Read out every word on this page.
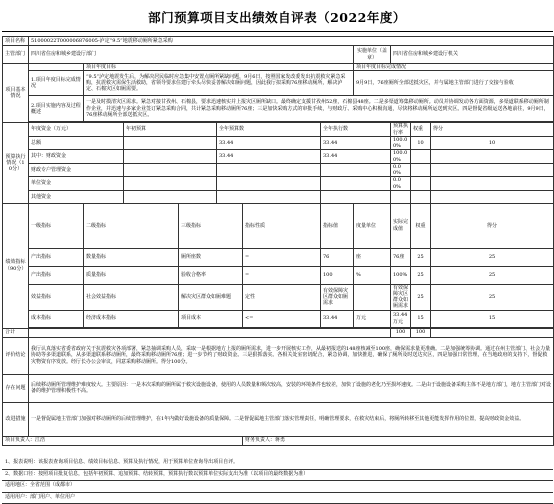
部门预算项目支出绩效自评表（2022年度）
项目名称	51000022T000006876005-泸定“9.5”地震移动厕所紧急采购											
主管部门	四川省住房和城乡建设厅部门							实施单位（盖章）	四川省住房和城乡建设厅机关			
项目基本情况		项目年度目标						项目年度目标完成情况				
	1.项目年度目标完成情况	“9.5”泸定地震发生后，为解决居民临时应急集中安置点厕所紧缺问题，9月6日，按照国家发改委发出抗震救灾紧急采购，抗震救灾需保生活救助，省领导要求住建厅牵头尽快妥善解决如厕问题，因此我厅拟采购76座移动厕所，解决泸定、石棉灾区如厕需要。						9月9日，76座厕所全部送抵灾区，并与属地主管部门进行了交接与验收				
	2.项目实施内容及过程概述	一是及时摸清灾区需求。紧急对接甘孜州、石棉县，要求迅速核实并上报灾区厕所缺口。最终确定支援甘孜州52座，石棉县48座。二是多渠道筹集移动厕所。动员并协调发动各方面资源，多渠道联系移动厕所制作企业，并迅速与多家企业签订紧急采购合同，共计紧急采购移动厕所76座；三是加快采购方式的审批手续，与财政厅、采购中心积极沟通，尽快将移动厕所运送到灾区。四是督促省级运送各地前往，9月9日，76座移动厕所全部送抵灾区。										

预算执行情况（10分）	年度资金（万元）		年初预算		全年预算数		全年执行数		预算执行率	权重	得分	
	总额				33.44		33.44		100.00%	10	10	
	其中：财政资金				33.44		33.44		100.00%			
	财政专户管理资金								0.00%			
	单位资金								0.00%			
	其他资金											
绩效指标（90分）	一级指标	二级指标		三级指标		指标性质	指标值	度量单位	实际完成值	权重	得分	
	产出指标	数量指标		厕所座数		=	76	座	76座	25	25	
	产出指标	质量指标		验收合格率		=	100	%	100%	25	25	
	效益指标	社会效益指标		解决灾区群众如厕难题		定性	有效保障灾区群众如厕需求		有效保障灾区群众如厕需求	25	25	
	成本指标	经济成本指标		项目成本		<=	33.44	万元	33.44万元	15	15	

合计									100	100		
评价结论	我厅认真落实省委省政府关于抗震救灾各项部署，紧急抽调采购人员，采取一是根据地方上报的厕所需求，进一步开展核实工作，从最初报送的148座核减至100座，确保需求量更准确。二是加强统筹协调。通过在州主管部门、社会力量协助等多渠道联系，从多渠道联系移动厕所，最终采购移动厕所76座；进一步节约了财政资金。三是狠抓落实。各相关处室密切配合，紧急协调，加快推进，确保了厕所及时送达灾区，四是加强日常管理，在当地政府的支持下，督促救灾物资有序发放。经厅长办公会审议，同意采购移动厕所。得分100分。											
存在问题	后续移动厕所管理维护难度较大。主要原因：一是本次采购的厕所属于救灾设施设备，使用的人员数量和频次较高，安装的环境条件也较差，加快了设施的老化乃至损坏速度。二是由于设施设备采购主体不是地方部门，地方主管部门对设备的维护管理积极性不高。											
改进措施	一是督促属地主管部门加强对移动厕所的后续管理维护，在1年内做好设施设备的质量保障。二是督促属地主管部门落实管理责任，明确管理要求，在救灾结束后，将厕所转移至其他更能发挥作用的位置，提高财政资金效益。											
项目负责人：江浩						财务负责人：蒋勇						
1、报表说明：该报表查询项目信息、绩效目标信息、预算及执行情况，用于预算单位查询导出项目自评。
2、数据口径：按照项目批复信息，包括年初预算、追加预算、结转预算，预算执行数以预算单位实际支出为准（以项目的最终数据为准）
适用地区：全省范围（成都市）
适用用户：部门用户、单位用户
